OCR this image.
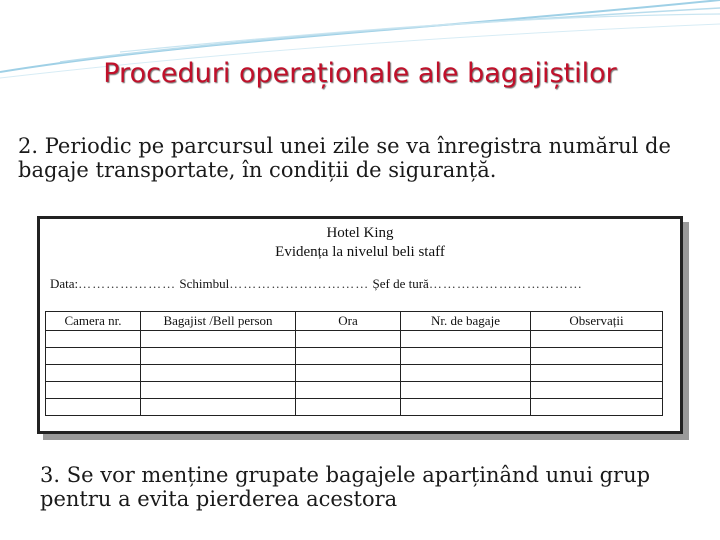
Proceduri operaționale ale bagajiștilor

2. Periodic pe parcursul unei zile se va înregistra numărul de bagaje transportate, în condiții de siguranță.

Hotel King
Evidența la nivelul beli staff
Data:………………… Schimbul………………………… Șef de tură……………………………
Camera nr.	Bagajist /Bell person	Ora	Nr. de bagaje	Observații

3. Se vor menține grupate bagajele aparținând unui grup pentru a evita pierderea acestora
